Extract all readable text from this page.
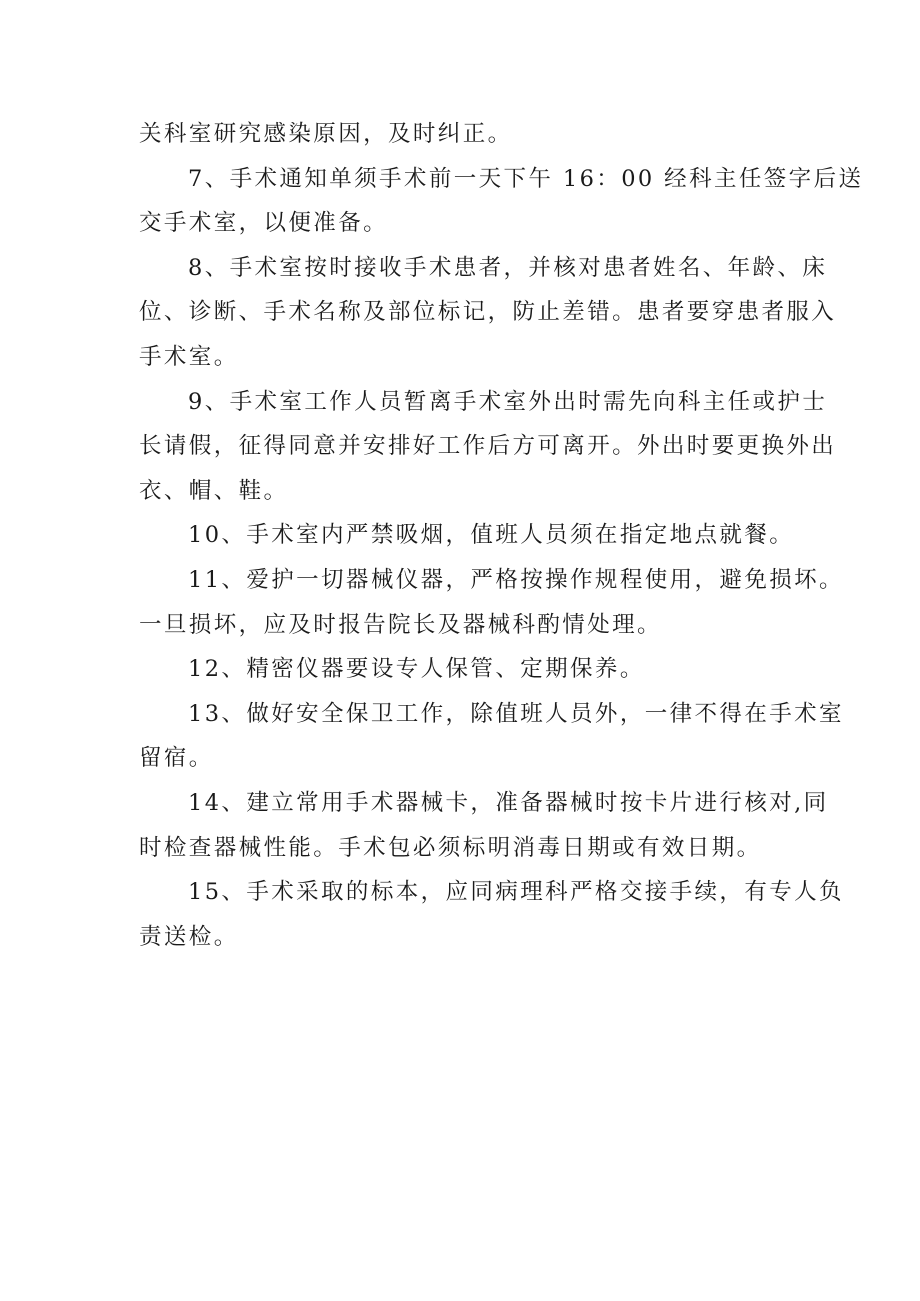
关科室研究感染原因，及时纠正。

7、手术通知单须手术前一天下午 16：00 经科主任签字后送
交手术室，以便准备。

8、手术室按时接收手术患者，并核对患者姓名、年龄、床
位、诊断、手术名称及部位标记，防止差错。患者要穿患者服入
手术室。

9、手术室工作人员暂离手术室外出时需先向科主任或护士
长请假，征得同意并安排好工作后方可离开。外出时要更换外出
衣、帽、鞋。

10、手术室内严禁吸烟，值班人员须在指定地点就餐。

11、爱护一切器械仪器，严格按操作规程使用，避免损坏。
一旦损坏，应及时报告院长及器械科酌情处理。

12、精密仪器要设专人保管、定期保养。

13、做好安全保卫工作，除值班人员外，一律不得在手术室
留宿。

14、建立常用手术器械卡，准备器械时按卡片进行核对,同
时检查器械性能。手术包必须标明消毒日期或有效日期。

15、手术采取的标本，应同病理科严格交接手续，有专人负
责送检。
